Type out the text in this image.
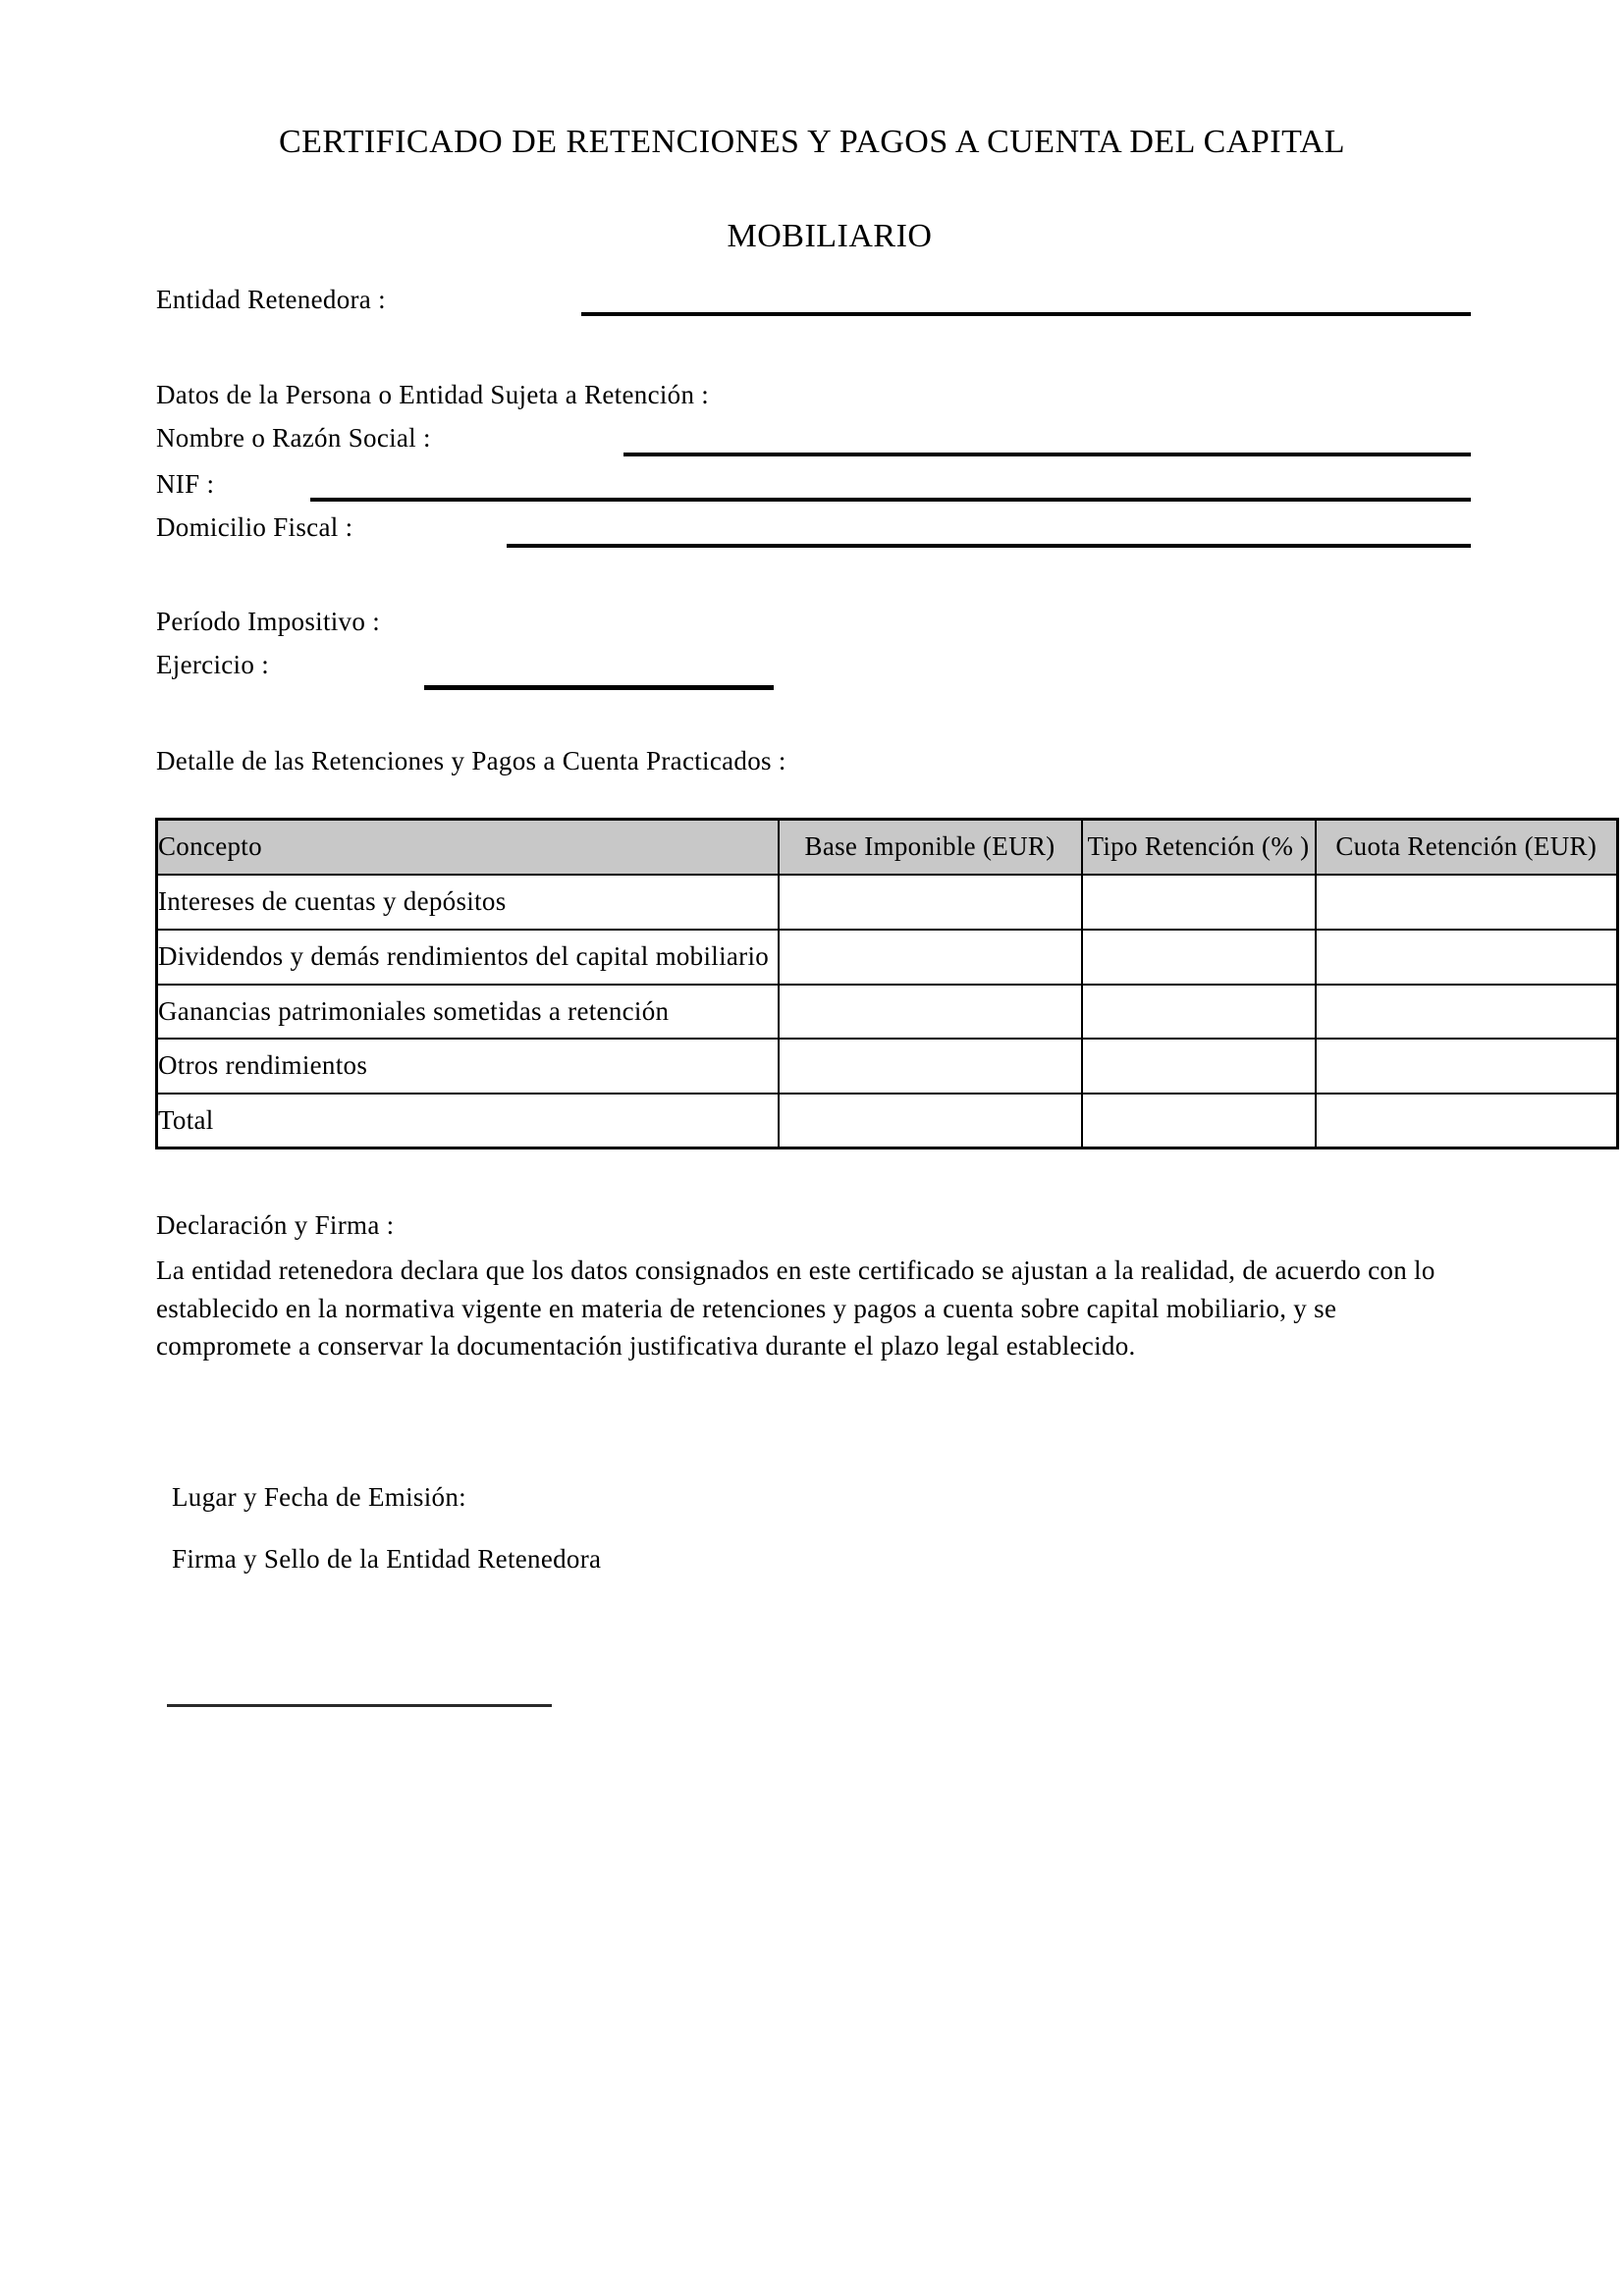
CERTIFICADO DE RETENCIONES Y PAGOS A CUENTA DEL CAPITAL

MOBILIARIO

Entidad Retenedora :
Datos de la Persona o Entidad Sujeta a Retención :
Nombre o Razón Social :
NIF :
Domicilio Fiscal :
Período Impositivo :
Ejercicio :
Detalle de las Retenciones y Pagos a Cuenta Practicados :
Concepto	Base Imponible (EUR)	Tipo Retención (% )	Cuota Retención (EUR)
Intereses de cuentas y depósitos			
Dividendos y demás rendimientos del capital mobiliario			
Ganancias patrimoniales sometidas a retención			
Otros rendimientos			
Total			
Declaración y Firma :
La entidad retenedora declara que los datos consignados en este certificado se ajustan a la realidad, de acuerdo con lo establecido en la normativa vigente en materia de retenciones y pagos a cuenta sobre capital mobiliario, y se compromete a conservar la documentación justificativa durante el plazo legal establecido.
Lugar y Fecha de Emisión:
Firma y Sello de la Entidad Retenedora
